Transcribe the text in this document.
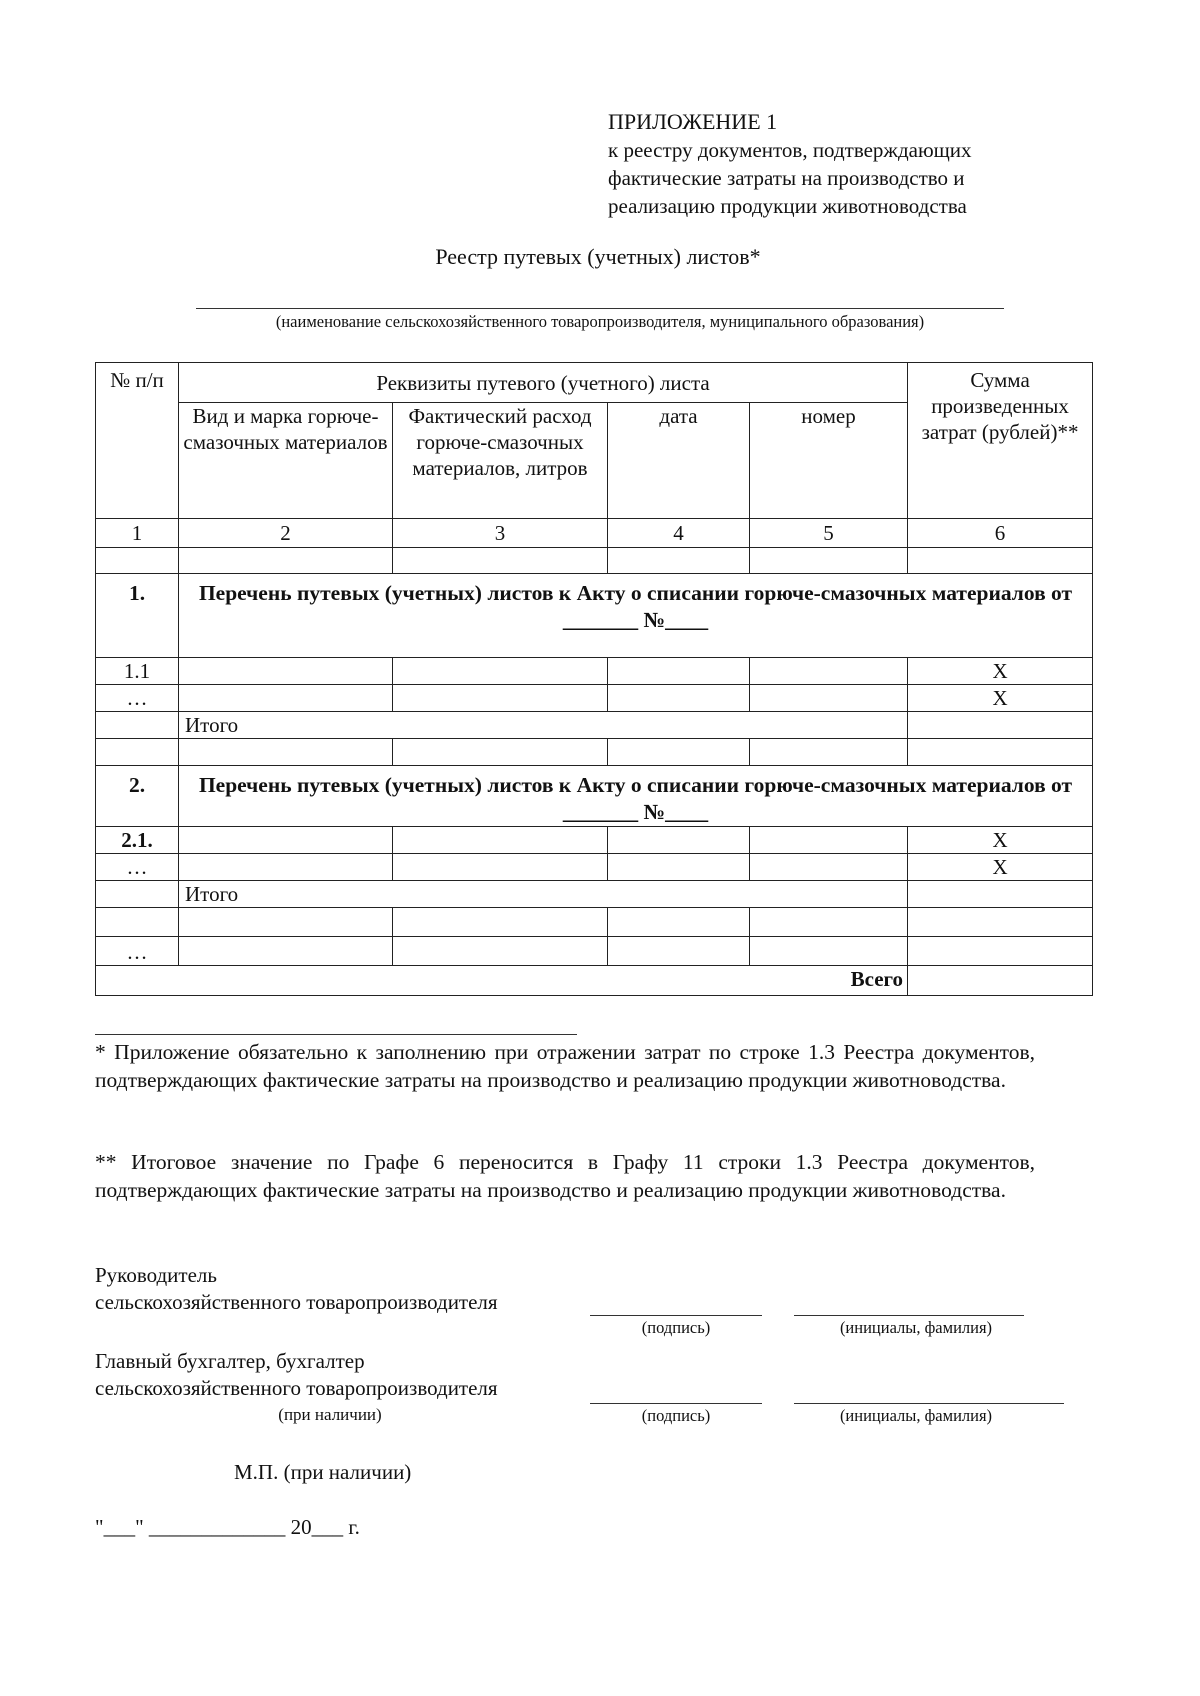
ПРИЛОЖЕНИЕ 1
к реестру документов, подтверждающих
фактические затраты на производство и
реализацию продукции животноводства
Реестр путевых (учетных) листов*
(наименование сельскохозяйственного товаропроизводителя, муниципального образования)
№ п/п	Реквизиты путевого (учетного) листа				Сумма произведенных затрат (рублей)**
	Вид и марка горюче-смазочных материалов	Фактический расход горюче-смазочных материалов, литров	дата	номер	
1	2	3	4	5	6

1.	Перечень путевых (учетных) листов к Акту о списании горюче-смазочных материалов от _______ №____				
1.1					X
…					X
	Итого				

2.	Перечень путевых (учетных) листов к Акту о списании горюче-смазочных материалов от _______ №____				
2.1.					X
…					X
	Итого				

…					
Всего					
* Приложение обязательно к заполнению при отражении затрат по строке 1.3 Реестра документов, подтверждающих фактические затраты на производство и реализацию продукции животноводства.
** Итоговое значение по Графе 6 переносится в Графу 11 строки 1.3 Реестра документов, подтверждающих фактические затраты на производство и реализацию продукции животноводства.
Руководитель
сельскохозяйственного товаропроизводителя
(подпись)	(инициалы, фамилия)
Главный бухгалтер, бухгалтер
сельскохозяйственного товаропроизводителя
(при наличии)	(подпись)	(инициалы, фамилия)
М.П. (при наличии)
"___" _____________ 20___ г.
